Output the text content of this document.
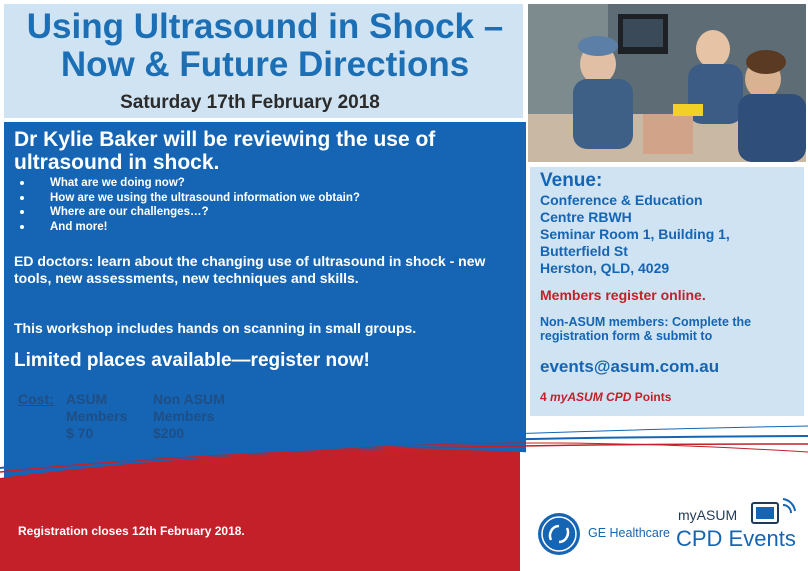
Using Ultrasound in Shock – Now & Future Directions
Saturday 17th February 2018

Dr Kylie Baker will be reviewing the use of ultrasound in shock.

What are we doing now?
How are we using the ultrasound information we obtain?
Where are our challenges…?
And more!

ED doctors: learn about the changing use of ultrasound in shock - new tools, new assessments, new techniques and skills.

This workshop includes hands on scanning in small groups.

Limited places available—register now!
Cost: ASUM
Members
$ 70
Non ASUM
Members
$200
Venue:
Conference & Education
Centre RBWH
Seminar Room 1, Building 1,
Butterfield St
Herston, QLD, 4029
Members register online.
Non-ASUM members: Complete the registration form & submit to
events@asum.com.au
4 myASUM CPD Points
Registration closes 12th February 2018.	GE Healthcare
myASUM
CPD Events
